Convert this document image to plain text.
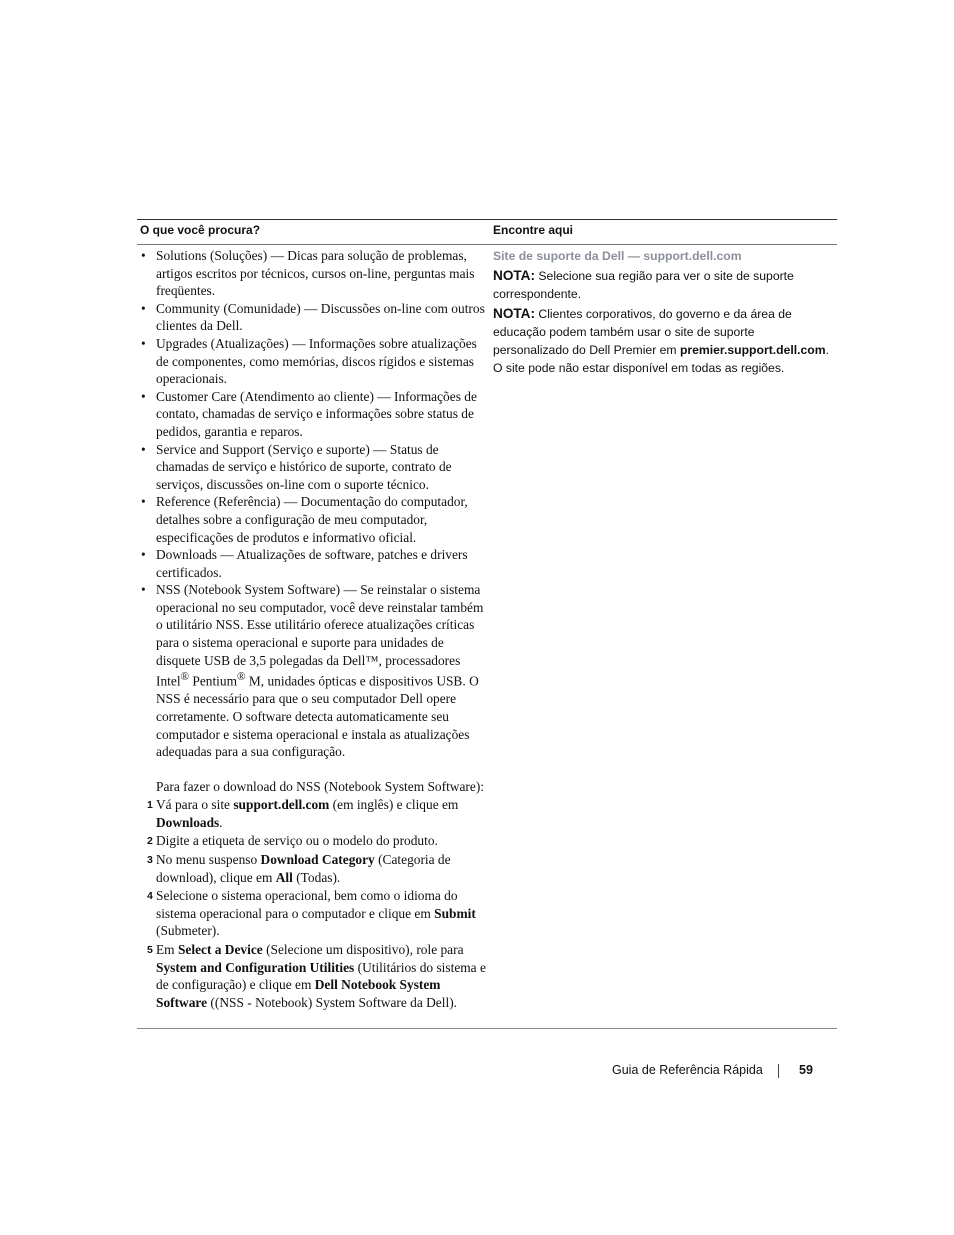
O que você procura?	Encontre aqui
• Solutions (Soluções) — Dicas para solução de problemas, artigos escritos por técnicos, cursos on-line, perguntas mais freqüentes.
• Community (Comunidade) — Discussões on-line com outros clientes da Dell.
• Upgrades (Atualizações) — Informações sobre atualizações de componentes, como memórias, discos rígidos e sistemas operacionais.
• Customer Care (Atendimento ao cliente) — Informações de contato, chamadas de serviço e informações sobre status de pedidos, garantia e reparos.
• Service and Support (Serviço e suporte) — Status de chamadas de serviço e histórico de suporte, contrato de serviços, discussões on-line com o suporte técnico.
• Reference (Referência) — Documentação do computador, detalhes sobre a configuração de meu computador, especificações de produtos e informativo oficial.
• Downloads — Atualizações de software, patches e drivers certificados.
• NSS (Notebook System Software) — Se reinstalar o sistema operacional no seu computador, você deve reinstalar também o utilitário NSS. Esse utilitário oferece atualizações críticas para o sistema operacional e suporte para unidades de disquete USB de 3,5 polegadas da Dell™, processadores Intel® Pentium® M, unidades ópticas e dispositivos USB. O NSS é necessário para que o seu computador Dell opere corretamente. O software detecta automaticamente seu computador e sistema operacional e instala as atualizações adequadas para a sua configuração.
Para fazer o download do NSS (Notebook System Software):
1 Vá para o site support.dell.com (em inglês) e clique em Downloads.
2 Digite a etiqueta de serviço ou o modelo do produto.
3 No menu suspenso Download Category (Categoria de download), clique em All (Todas).
4 Selecione o sistema operacional, bem como o idioma do sistema operacional para o computador e clique em Submit (Submeter).
5 Em Select a Device (Selecione um dispositivo), role para System and Configuration Utilities (Utilitários do sistema e de configuração) e clique em Dell Notebook System Software ((NSS - Notebook) System Software da Dell).
Site de suporte da Dell — support.dell.com
NOTA: Selecione sua região para ver o site de suporte correspondente.
NOTA: Clientes corporativos, do governo e da área de educação podem também usar o site de suporte personalizado do Dell Premier em premier.support.dell.com. O site pode não estar disponível em todas as regiões.
Guia de Referência Rápida	59
